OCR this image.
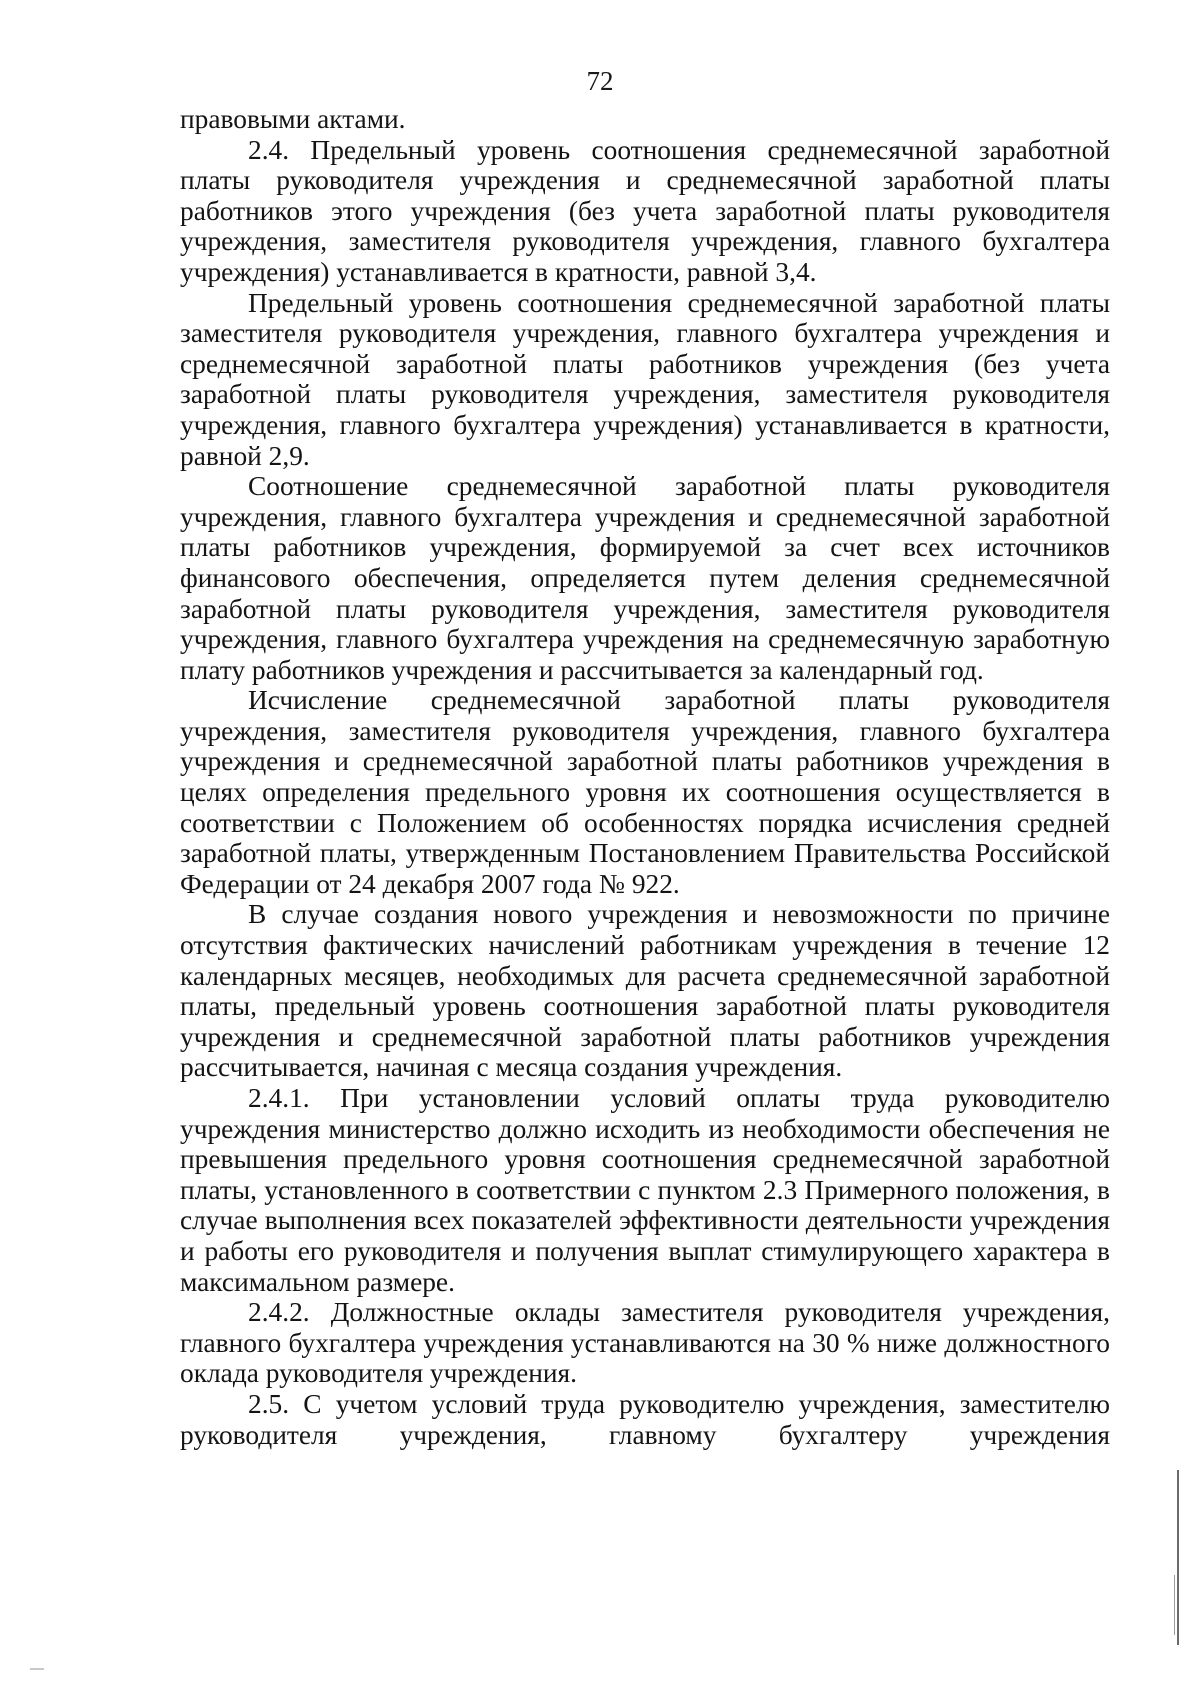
72

правовыми актами.

2.4. Предельный уровень соотношения среднемесячной заработной платы руководителя учреждения и среднемесячной заработной платы работников этого учреждения (без учета заработной платы руководителя учреждения, заместителя руководителя учреждения, главного бухгалтера учреждения) устанавливается в кратности, равной 3,4.

Предельный уровень соотношения среднемесячной заработной платы заместителя руководителя учреждения, главного бухгалтера учреждения и среднемесячной заработной платы работников учреждения (без учета заработной платы руководителя учреждения, заместителя руководителя учреждения, главного бухгалтера учреждения) устанавливается в кратности, равной 2,9.

Соотношение среднемесячной заработной платы руководителя учреждения, главного бухгалтера учреждения и среднемесячной заработной платы работников учреждения, формируемой за счет всех источников финансового обеспечения, определяется путем деления среднемесячной заработной платы руководителя учреждения, заместителя руководителя учреждения, главного бухгалтера учреждения на среднемесячную заработную плату работников учреждения и рассчитывается за календарный год.

Исчисление среднемесячной заработной платы руководителя учреждения, заместителя руководителя учреждения, главного бухгалтера учреждения и среднемесячной заработной платы работников учреждения в целях определения предельного уровня их соотношения осуществляется в соответствии с Положением об особенностях порядка исчисления средней заработной платы, утвержденным Постановлением Правительства Российской Федерации от 24 декабря 2007 года № 922.

В случае создания нового учреждения и невозможности по причине отсутствия фактических начислений работникам учреждения в течение 12 календарных месяцев, необходимых для расчета среднемесячной заработной платы, предельный уровень соотношения заработной платы руководителя учреждения и среднемесячной заработной платы работников учреждения рассчитывается, начиная с месяца создания учреждения.

2.4.1. При установлении условий оплаты труда руководителю учреждения министерство должно исходить из необходимости обеспечения не превышения предельного уровня соотношения среднемесячной заработной платы, установленного в соответствии с пунктом 2.3 Примерного положения, в случае выполнения всех показателей эффективности деятельности учреждения и работы его руководителя и получения выплат стимулирующего характера в максимальном размере.

2.4.2. Должностные оклады заместителя руководителя учреждения, главного бухгалтера учреждения устанавливаются на 30 % ниже должностного оклада руководителя учреждения.

2.5. С учетом условий труда руководителю учреждения, заместителю руководителя учреждения, главному бухгалтеру учреждения
